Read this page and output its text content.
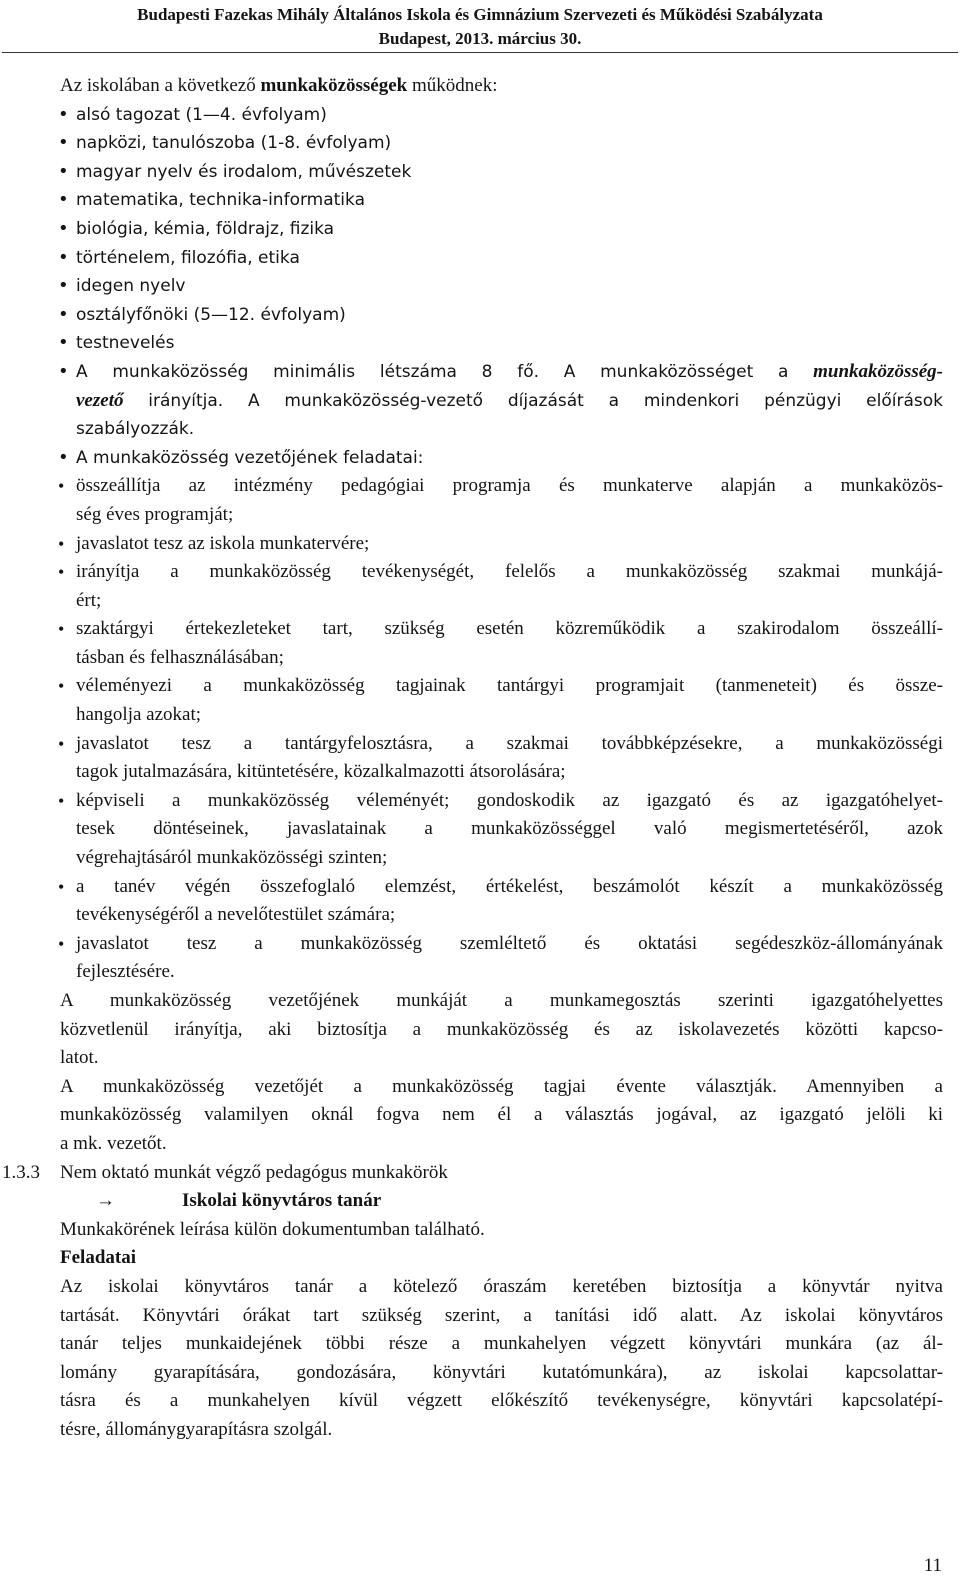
Budapesti Fazekas Mihály Általános Iskola és Gimnázium Szervezeti és Működési Szabályzata
Budapest, 2013. március 30.
Az iskolában a következő munkaközösségek működnek:
• alsó tagozat (1—4. évfolyam)
• napközi, tanulószoba (1-8. évfolyam)
• magyar nyelv és irodalom, művészetek
• matematika, technika-informatika
• biológia, kémia, földrajz, fizika
• történelem, filozófia, etika
• idegen nyelv
• osztályfőnöki (5—12. évfolyam)
• testnevelés
• A munkaközösség minimális létszáma 8 fő. A munkaközösséget a munkaközösség-
vezető irányítja. A munkaközösség-vezető díjazását a mindenkori pénzügyi előírások
szabályozzák.
• A munkaközösség vezetőjének feladatai:
• összeállítja az intézmény pedagógiai programja és munkaterve alapján a munkaközös-
ség éves programját;
• javaslatot tesz az iskola munkatervére;
• irányítja a munkaközösség tevékenységét, felelős a munkaközösség szakmai munkájá-
ért;
• szaktárgyi értekezleteket tart, szükség esetén közreműködik a szakirodalom összeállí-
tásban és felhasználásában;
• véleményezi a munkaközösség tagjainak tantárgyi programjait (tanmeneteit) és össze-
hangolja azokat;
• javaslatot tesz a tantárgyfelosztásra, a szakmai továbbképzésekre, a munkaközösségi
tagok jutalmazására, kitüntetésére, közalkalmazotti átsorolására;
• képviseli a munkaközösség véleményét; gondoskodik az igazgató és az igazgatóhelyet-
tesek döntéseinek, javaslatainak a munkaközösséggel való megismertetéséről, azok
végrehajtásáról munkaközösségi szinten;
• a tanév végén összefoglaló elemzést, értékelést, beszámolót készít a munkaközösség
tevékenységéről a nevelőtestület számára;
• javaslatot tesz a munkaközösség szemléltető és oktatási segédeszköz-állományának
fejlesztésére.
A munkaközösség vezetőjének munkáját a munkamegosztás szerinti igazgatóhelyettes
közvetlenül irányítja, aki biztosítja a munkaközösség és az iskolavezetés közötti kapcso-
latot.
A munkaközösség vezetőjét a munkaközösség tagjai évente választják. Amennyiben a
munkaközösség valamilyen oknál fogva nem él a választás jogával, az igazgató jelöli ki
a mk. vezetőt.
1.3.3 Nem oktató munkát végző pedagógus munkakörök
→	Iskolai könyvtáros tanár
Munkakörének leírása külön dokumentumban található.
Feladatai
Az iskolai könyvtáros tanár a kötelező óraszám keretében biztosítja a könyvtár nyitva
tartását. Könyvtári órákat tart szükség szerint, a tanítási idő alatt. Az iskolai könyvtáros
tanár teljes munkaidejének többi része a munkahelyen végzett könyvtári munkára (az ál-
lomány gyarapítására, gondozására, könyvtári kutatómunkára), az iskolai kapcsolattar-
tásra és a munkahelyen kívül végzett előkészítő tevékenységre, könyvtári kapcsolatépí-
tésre, állománygyarapításra szolgál.
11
